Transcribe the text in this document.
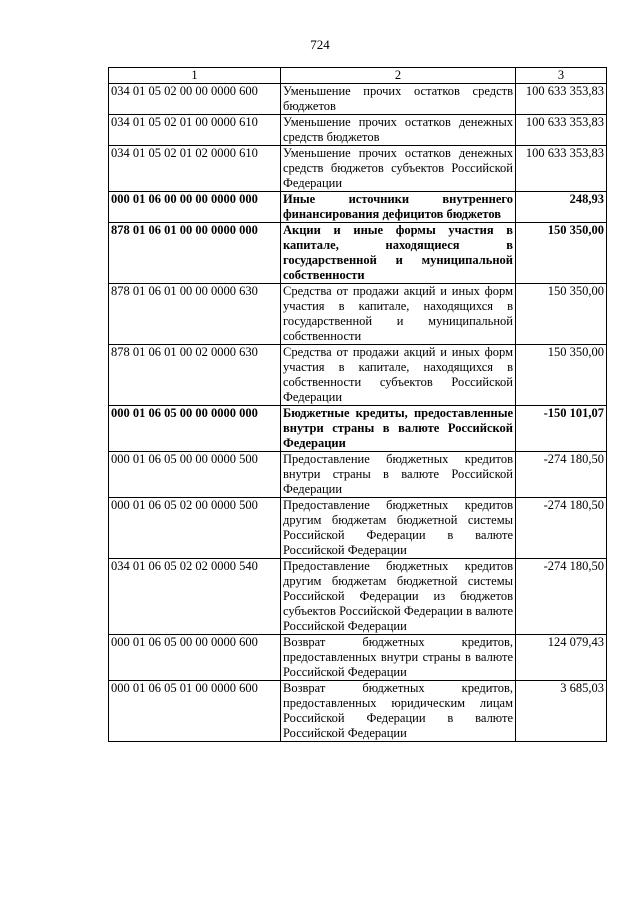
724
1	2	3
034 01 05 02 00 00 0000 600	Уменьшение прочих остатков средств бюджетов	100 633 353,83
034 01 05 02 01 00 0000 610	Уменьшение прочих остатков денежных средств бюджетов	100 633 353,83
034 01 05 02 01 02 0000 610	Уменьшение прочих остатков денежных средств бюджетов субъектов Российской Федерации	100 633 353,83
000 01 06 00 00 00 0000 000	Иные источники внутреннего финансирования дефицитов бюджетов	248,93
878 01 06 01 00 00 0000 000	Акции и иные формы участия в капитале, находящиеся в государственной и муниципальной собственности	150 350,00
878 01 06 01 00 00 0000 630	Средства от продажи акций и иных форм участия в капитале, находящихся в государственной и муниципальной собственности	150 350,00
878 01 06 01 00 02 0000 630	Средства от продажи акций и иных форм участия в капитале, находящихся в собственности субъектов Российской Федерации	150 350,00
000 01 06 05 00 00 0000 000	Бюджетные кредиты, предоставленные внутри страны в валюте Российской Федерации	-150 101,07
000 01 06 05 00 00 0000 500	Предоставление бюджетных кредитов внутри страны в валюте Российской Федерации	-274 180,50
000 01 06 05 02 00 0000 500	Предоставление бюджетных кредитов другим бюджетам бюджетной системы Российской Федерации в валюте Российской Федерации	-274 180,50
034 01 06 05 02 02 0000 540	Предоставление бюджетных кредитов другим бюджетам бюджетной системы Российской Федерации из бюджетов субъектов Российской Федерации в валюте Российской Федерации	-274 180,50
000 01 06 05 00 00 0000 600	Возврат бюджетных кредитов, предоставленных внутри страны в валюте Российской Федерации	124 079,43
000 01 06 05 01 00 0000 600	Возврат бюджетных кредитов, предоставленных юридическим лицам Российской Федерации в валюте Российской Федерации	3 685,03
